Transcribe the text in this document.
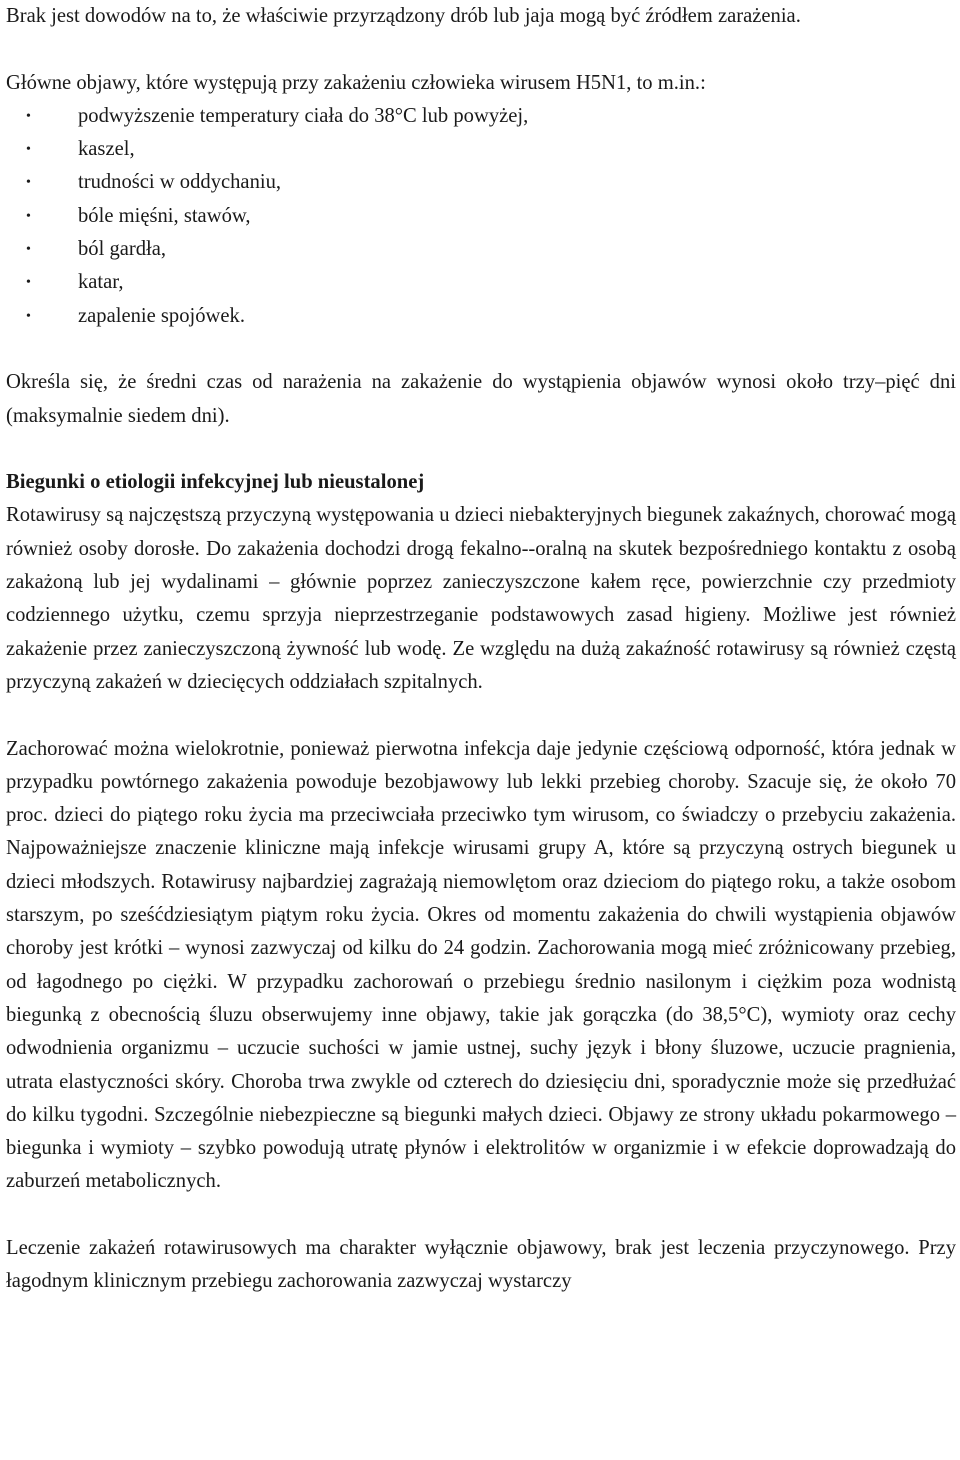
Brak jest dowodów na to, że właściwie przyrządzony drób lub jaja mogą być źródłem zarażenia.

Główne objawy, które występują przy zakażeniu człowieka wirusem H5N1, to m.in.:

• podwyższenie temperatury ciała do 38°C lub powyżej,
• kaszel,
• trudności w oddychaniu,
• bóle mięśni, stawów,
• ból gardła,
• katar,
• zapalenie spojówek.

Określa się, że średni czas od narażenia na zakażenie do wystąpienia objawów wynosi około trzy–pięć dni (maksymalnie siedem dni).

Biegunki o etiologii infekcyjnej lub nieustalonej

Rotawirusy są najczęstszą przyczyną występowania u dzieci niebakteryjnych biegunek zakaźnych, chorować mogą również osoby dorosłe. Do zakażenia dochodzi drogą fekalno--oralną na skutek bezpośredniego kontaktu z osobą zakażoną lub jej wydalinami – głównie poprzez zanieczyszczone kałem ręce, powierzchnie czy przedmioty codziennego użytku, czemu sprzyja nieprzestrzeganie podstawowych zasad higieny. Możliwe jest również zakażenie przez zanieczyszczoną żywność lub wodę. Ze względu na dużą zakaźność rotawirusy są również częstą przyczyną zakażeń w dziecięcych oddziałach szpitalnych.

Zachorować można wielokrotnie, ponieważ pierwotna infekcja daje jedynie częściową odporność, która jednak w przypadku powtórnego zakażenia powoduje bezobjawowy lub lekki przebieg choroby. Szacuje się, że około 70 proc. dzieci do piątego roku życia ma przeciwciała przeciwko tym wirusom, co świadczy o przebyciu zakażenia. Najpoważniejsze znaczenie kliniczne mają infekcje wirusami grupy A, które są przyczyną ostrych biegunek u dzieci młodszych. Rotawirusy najbardziej zagrażają niemowlętom oraz dzieciom do piątego roku, a także osobom starszym, po sześćdziesiątym piątym roku życia. Okres od momentu zakażenia do chwili wystąpienia objawów choroby jest krótki – wynosi zazwyczaj od kilku do 24 godzin. Zachorowania mogą mieć zróżnicowany przebieg, od łagodnego po ciężki. W przypadku zachorowań o przebiegu średnio nasilonym i ciężkim poza wodnistą biegunką z obecnością śluzu obserwujemy inne objawy, takie jak gorączka (do 38,5°C), wymioty oraz cechy odwodnienia organizmu – uczucie suchości w jamie ustnej, suchy język i błony śluzowe, uczucie pragnienia, utrata elastyczności skóry. Choroba trwa zwykle od czterech do dziesięciu dni, sporadycznie może się przedłużać do kilku tygodni. Szczególnie niebezpieczne są biegunki małych dzieci. Objawy ze strony układu pokarmowego – biegunka i wymioty – szybko powodują utratę płynów i elektrolitów w organizmie i w efekcie doprowadzają do zaburzeń metabolicznych.

Leczenie zakażeń rotawirusowych ma charakter wyłącznie objawowy, brak jest leczenia przyczynowego. Przy łagodnym klinicznym przebiegu zachorowania zazwyczaj wystarczy
